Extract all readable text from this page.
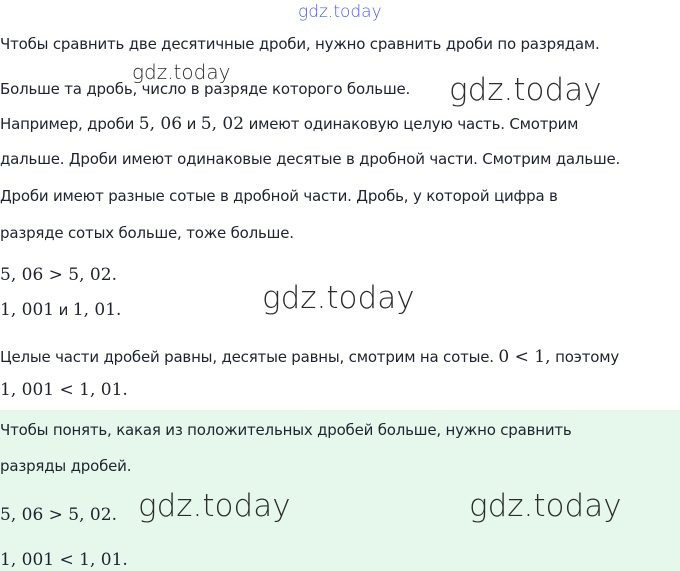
gdz.today
gdz.today	gdz.today
gdz.today
gdz.today	gdz.today
Чтобы сравнить две десятичные дроби, нужно сравнить дроби по разрядам.
Больше та дробь, число в разряде которого больше.
Например, дроби 5, 06 и 5, 02 имеют одинаковую целую часть. Смотрим
дальше. Дроби имеют одинаковые десятые в дробной части. Смотрим дальше.
Дроби имеют разные сотые в дробной части. Дробь, у которой цифра в
разряде сотых больше, тоже больше.
5, 06 > 5, 02.
1, 001 и 1, 01.
Целые части дробей равны, десятые равны, смотрим на сотые. 0 < 1, поэтому
1, 001 < 1, 01.
Чтобы понять, какая из положительных дробей больше, нужно сравнить
разряды дробей.
5, 06 > 5, 02.
1, 001 < 1, 01.
